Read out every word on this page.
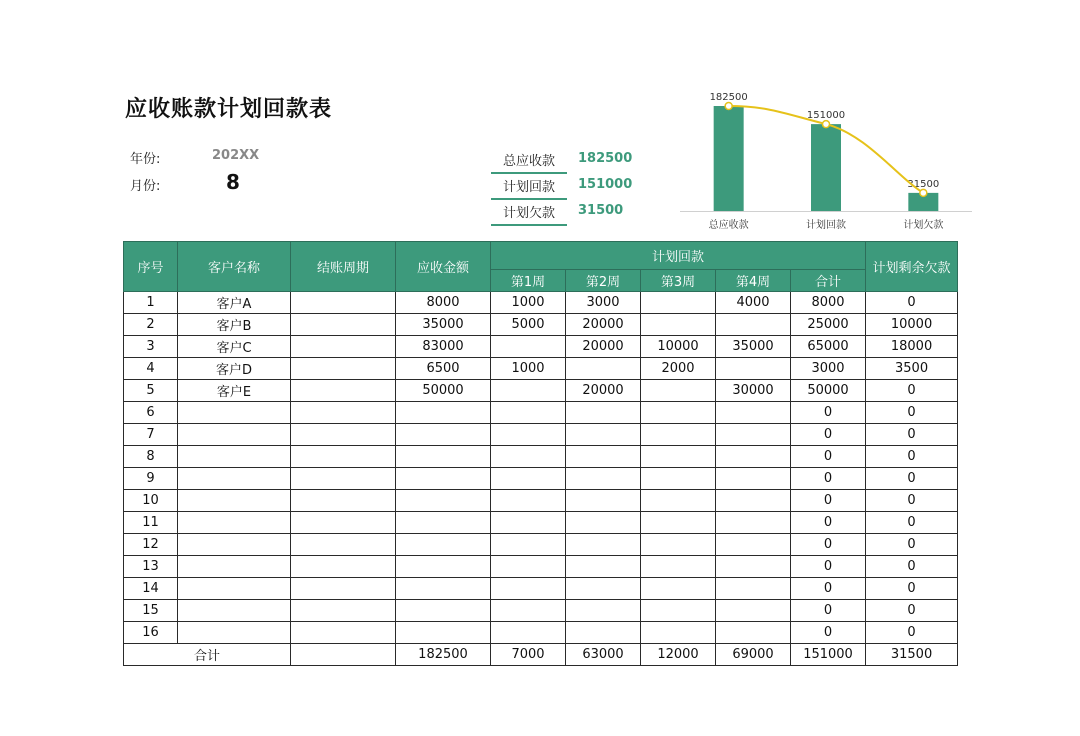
应收账款计划回款表
年份:	202XX
月份:	8
总应收款	182500
计划回款	151000
计划欠款	31500
182500
总应收款
151000
计划回款
31500
计划欠款
序号	客户名称	结账周期	应收金额	计划回款					计划剩余欠款
				第1周	第2周	第3周	第4周	合计	
1	客户A		8000	1000	3000		4000	8000	0
2	客户B		35000	5000	20000			25000	10000
3	客户C		83000		20000	10000	35000	65000	18000
4	客户D		6500	1000		2000		3000	3500
5	客户E		50000		20000		30000	50000	0
6								0	0
7								0	0
8								0	0
9								0	0
10								0	0
11								0	0
12								0	0
13								0	0
14								0	0
15								0	0
16								0	0
合计			182500	7000	63000	12000	69000	151000	31500
